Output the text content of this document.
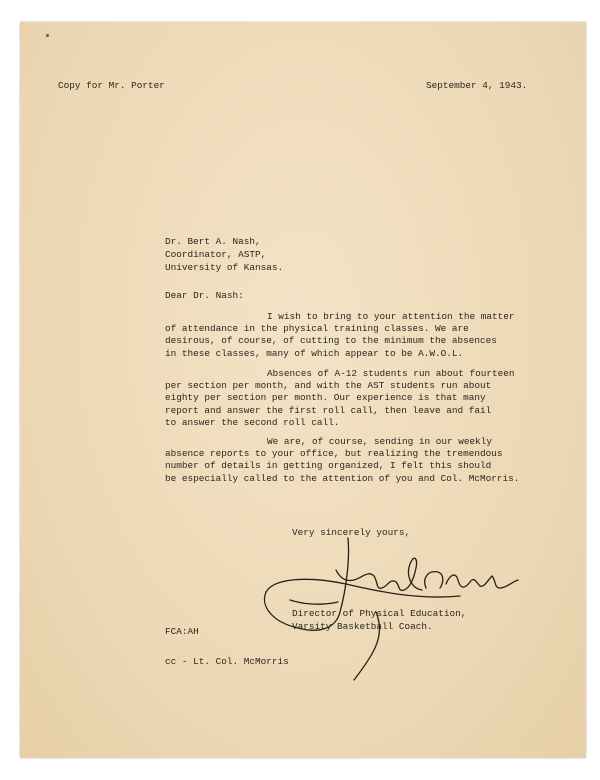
Copy for Mr. Porter	September 4, 1943.
Dr. Bert A. Nash,
Coordinator, ASTP,
University of Kansas.
Dear Dr. Nash:
I wish to bring to your attention the matter
of attendance in the physical training classes. We are
desirous, of course, of cutting to the minimum the absences
in these classes, many of which appear to be A.W.O.L.
Absences of A-12 students run about fourteen
per section per month, and with the AST students run about
eighty per section per month. Our experience is that many
report and answer the first roll call, then leave and fail
to answer the second roll call.
We are, of course, sending in our weekly
absence reports to your office, but realizing the tremendous
number of details in getting organized, I felt this should
be especially called to the attention of you and Col. McMorris.
Very sincerely yours,
Director of Physical Education,
Varsity Basketball Coach.
FCA:AH
cc - Lt. Col. McMorris
